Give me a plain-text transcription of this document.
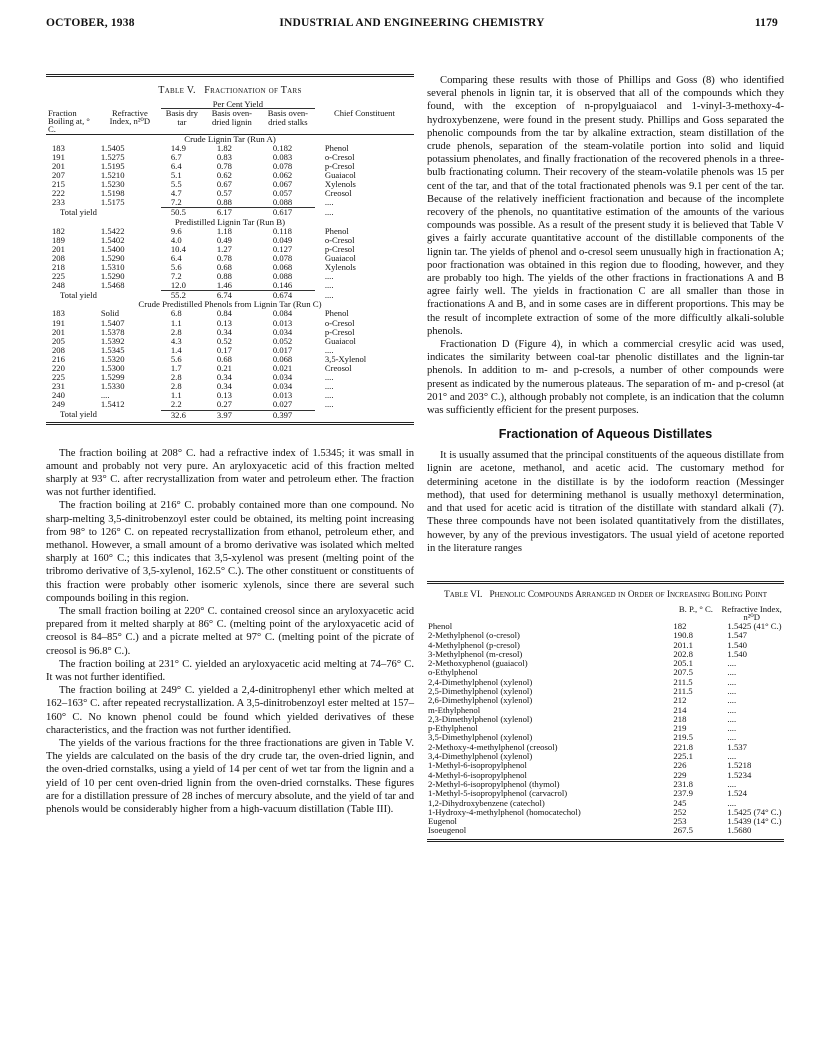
OCTOBER, 1938	INDUSTRIAL AND ENGINEERING CHEMISTRY	1179
Table V. Fractionation of Tars
		Per Cent Yield			
Fraction Boiling at, ° C.	Refractive Index, n²⁰D	Basis dry tar	Basis oven-dried lignin	Basis oven-dried stalks	Chief Constituent

Crude Lignin Tar (Run A)					
183	1.5405	14.9	1.82	0.182	Phenol
191	1.5275	6.7	0.83	0.083	o-Cresol
201	1.5195	6.4	0.78	0.078	p-Cresol
207	1.5210	5.1	0.62	0.062	Guaiacol
215	1.5230	5.5	0.67	0.067	Xylenols
222	1.5198	4.7	0.57	0.057	Creosol
233	1.5175	7.2	0.88	0.088	....
Total yield		50.5	6.17	0.617	....
Predistilled Lignin Tar (Run B)					
182	1.5422	9.6	1.18	0.118	Phenol
189	1.5402	4.0	0.49	0.049	o-Cresol
201	1.5400	10.4	1.27	0.127	p-Cresol
208	1.5290	6.4	0.78	0.078	Guaiacol
218	1.5310	5.6	0.68	0.068	Xylenols
225	1.5290	7.2	0.88	0.088	....
248	1.5468	12.0	1.46	0.146	....
Total yield		55.2	6.74	0.674	....
Crude Predistilled Phenols from Lignin Tar (Run C)					
183	Solid	6.8	0.84	0.084	Phenol
191	1.5407	1.1	0.13	0.013	o-Cresol
201	1.5378	2.8	0.34	0.034	p-Cresol
205	1.5392	4.3	0.52	0.052	Guaiacol
208	1.5345	1.4	0.17	0.017	....
216	1.5320	5.6	0.68	0.068	3,5-Xylenol
220	1.5300	1.7	0.21	0.021	Creosol
225	1.5299	2.8	0.34	0.034	....
231	1.5330	2.8	0.34	0.034	....
240	....	1.1	0.13	0.013	....
249	1.5412	2.2	0.27	0.027	....
Total yield		32.6	3.97	0.397	

The fraction boiling at 208° C. had a refractive index of 1.5345; it was small in amount and probably not very pure. An aryloxyacetic acid of this fraction melted sharply at 93° C. after recrystallization from water and petroleum ether. The fraction was not further identified.

The fraction boiling at 216° C. probably contained more than one compound. No sharp-melting 3,5-dinitrobenzoyl ester could be obtained, its melting point increasing from 98° to 126° C. on repeated recrystallization from ethanol, petroleum ether, and methanol. However, a small amount of a bromo derivative was isolated which melted sharply at 160° C.; this indicates that 3,5-xylenol was present (melting point of the tribromo derivative of 3,5-xylenol, 162.5° C.). The other constituent or constituents of this fraction were probably other isomeric xylenols, since there are several such compounds boiling in this region.

The small fraction boiling at 220° C. contained creosol since an aryloxyacetic acid prepared from it melted sharply at 86° C. (melting point of the aryloxyacetic acid of creosol is 84–85° C.) and a picrate melted at 97° C. (melting point of the picrate of creosol is 96.8° C.).

The fraction boiling at 231° C. yielded an aryloxyacetic acid melting at 74–76° C. It was not further identified.

The fraction boiling at 249° C. yielded a 2,4-dinitrophenyl ether which melted at 162–163° C. after repeated recrystallization. A 3,5-dinitrobenzoyl ester melted at 157–160° C. No known phenol could be found which yielded derivatives of these characteristics, and the fraction was not further identified.

The yields of the various fractions for the three fractionations are given in Table V. The yields are calculated on the basis of the dry crude tar, the oven-dried lignin, and the oven-dried cornstalks, using a yield of 14 per cent of wet tar from the lignin and a yield of 10 per cent oven-dried lignin from the oven-dried cornstalks. These figures are for a distillation pressure of 28 inches of mercury absolute, and the yield of tar and phenols would be considerably higher from a high-vacuum distillation (Table III).

Comparing these results with those of Phillips and Goss (8) who identified several phenols in lignin tar, it is observed that all of the compounds which they found, with the exception of n-propylguaiacol and 1-vinyl-3-methoxy-4-hydroxybenzene, were found in the present study. Phillips and Goss separated the phenolic compounds from the tar by alkaline extraction, steam distillation of the crude phenols, separation of the steam-volatile portion into solid and liquid potassium phenolates, and finally fractionation of the recovered phenols in a three-bulb fractionating column. Their recovery of the steam-volatile phenols was 15 per cent of the tar, and that of the total fractionated phenols was 9.1 per cent of the tar. Because of the relatively inefficient fractionation and because of the incomplete recovery of the phenols, no quantitative estimation of the amounts of the various compounds was possible. As a result of the present study it is believed that Table V gives a fairly accurate quantitative account of the distillable components of the lignin tar. The yields of phenol and o-cresol seem unusually high in fractionation A; poor fractionation was obtained in this region due to flooding, however, and they are probably too high. The yields of the other fractions in fractionations A and B agree fairly well. The yields in fractionation C are all smaller than those in fractionations A and B, and in some cases are in different proportions. This may be the result of incomplete extraction of some of the more difficultly alkali-soluble phenols.

Fractionation D (Figure 4), in which a commercial cresylic acid was used, indicates the similarity between coal-tar phenolic distillates and the lignin-tar phenols. In addition to m- and p-cresols, a number of other compounds were present as indicated by the numerous plateaus. The separation of m- and p-cresol (at 201° and 203° C.), although probably not complete, is an indication that the column was sufficiently efficient for the present purposes.

Fractionation of Aqueous Distillates

It is usually assumed that the principal constituents of the aqueous distillate from lignin are acetone, methanol, and acetic acid. The customary method for determining acetone in the distillate is by the iodoform reaction (Messinger method), that used for determining methanol is usually methoxyl determination, and that used for acetic acid is titration of the distillate with standard alkali (7). These three compounds have not been isolated quantitatively from the distillates, however, by any of the previous investigators. The usual yield of acetone reported in the literature ranges

Table VI. Phenolic Compounds Arranged in Order of Increasing Boiling Point
	B. P., ° C.	Refractive Index, n²⁰D
Phenol	182	1.5425 (41° C.)
2-Methylphenol (o-cresol)	190.8	1.547
4-Methylphenol (p-cresol)	201.1	1.540
3-Methylphenol (m-cresol)	202.8	1.540
2-Methoxyphenol (guaiacol)	205.1	....
o-Ethylphenol	207.5	....
2,4-Dimethylphenol (xylenol)	211.5	....
2,5-Dimethylphenol (xylenol)	211.5	....
2,6-Dimethylphenol (xylenol)	212	....
m-Ethylphenol	214	....
2,3-Dimethylphenol (xylenol)	218	....
p-Ethylphenol	219	....
3,5-Dimethylphenol (xylenol)	219.5	....
2-Methoxy-4-methylphenol (creosol)	221.8	1.537
3,4-Dimethylphenol (xylenol)	225.1	....
1-Methyl-6-isopropylphenol	226	1.5218
4-Methyl-6-isopropylphenol	229	1.5234
2-Methyl-6-isopropylphenol (thymol)	231.8	....
1-Methyl-5-isopropylphenol (carvacrol)	237.9	1.524
1,2-Dihydroxybenzene (catechol)	245	....
1-Hydroxy-4-methylphenol (homocatechol)	252	1.5425 (74° C.)
Eugenol	253	1.5439 (14° C.)
Isoeugenol	267.5	1.5680
